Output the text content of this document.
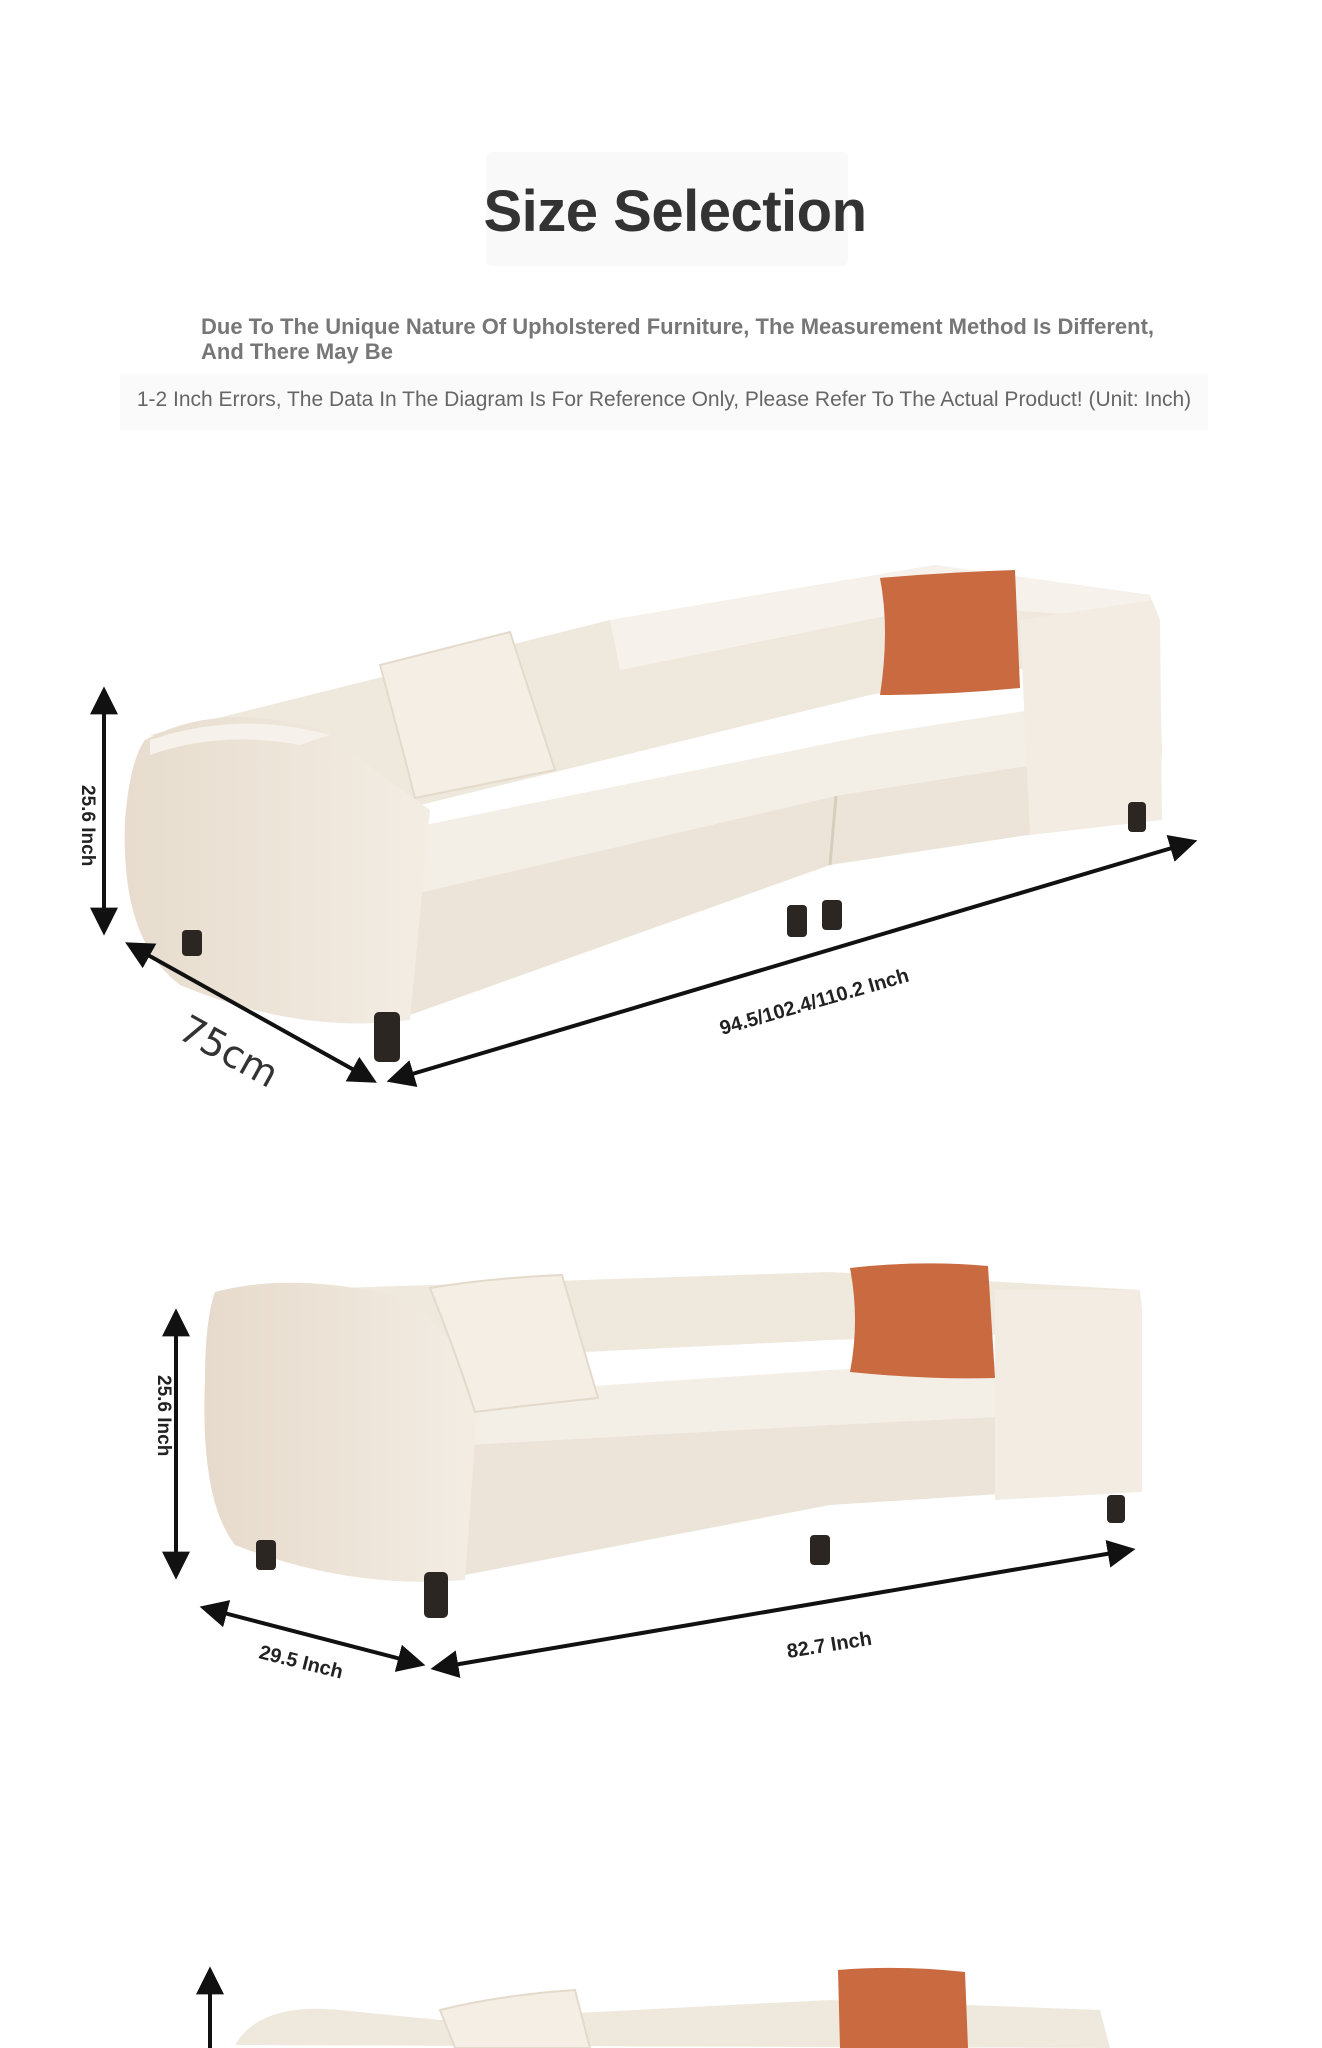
Size Selection

Due To The Unique Nature Of Upholstered Furniture, The Measurement Method Is Different, And There May Be

1-2 Inch Errors, The Data In The Diagram Is For Reference Only, Please Refer To The Actual Product! (Unit: Inch)

25.6 Inch
75cm
94.5/102.4/110.2 Inch
25.6 Inch
29.5 Inch	82.7 Inch
